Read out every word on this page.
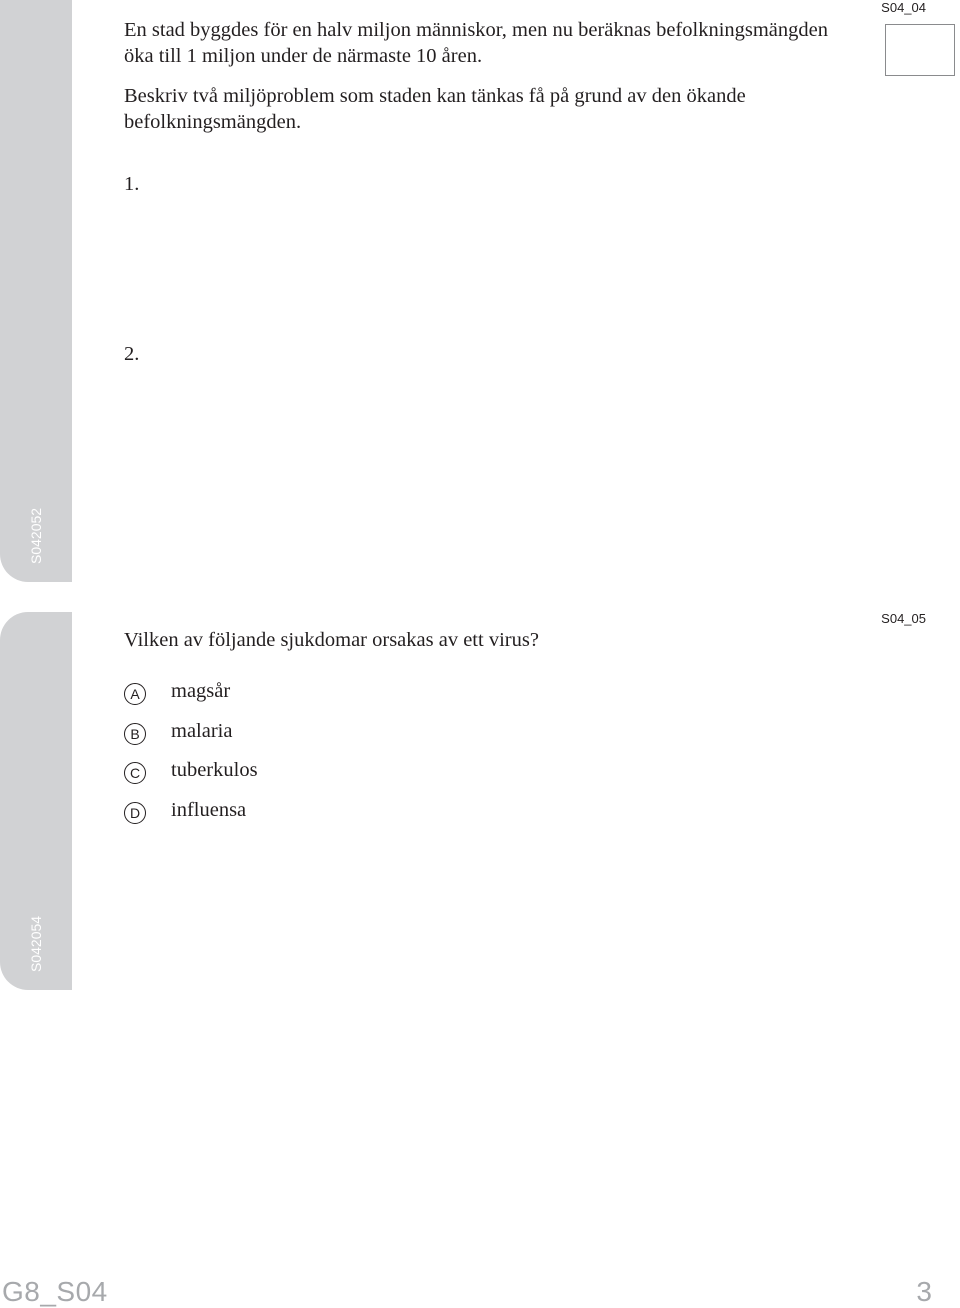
S042052
S04_04
En stad byggdes för en halv miljon människor, men nu beräknas befolkningsmängden öka till 1 miljon under de närmaste 10 åren.
Beskriv två miljöproblem som staden kan tänkas få på grund av den ökande befolkningsmängden.
1.
2.
S042054
S04_05
Vilken av följande sjukdomar orsakas av ett virus?
A	magsår
B	malaria
C tuberkulos
D influensa
G8_S04	3
